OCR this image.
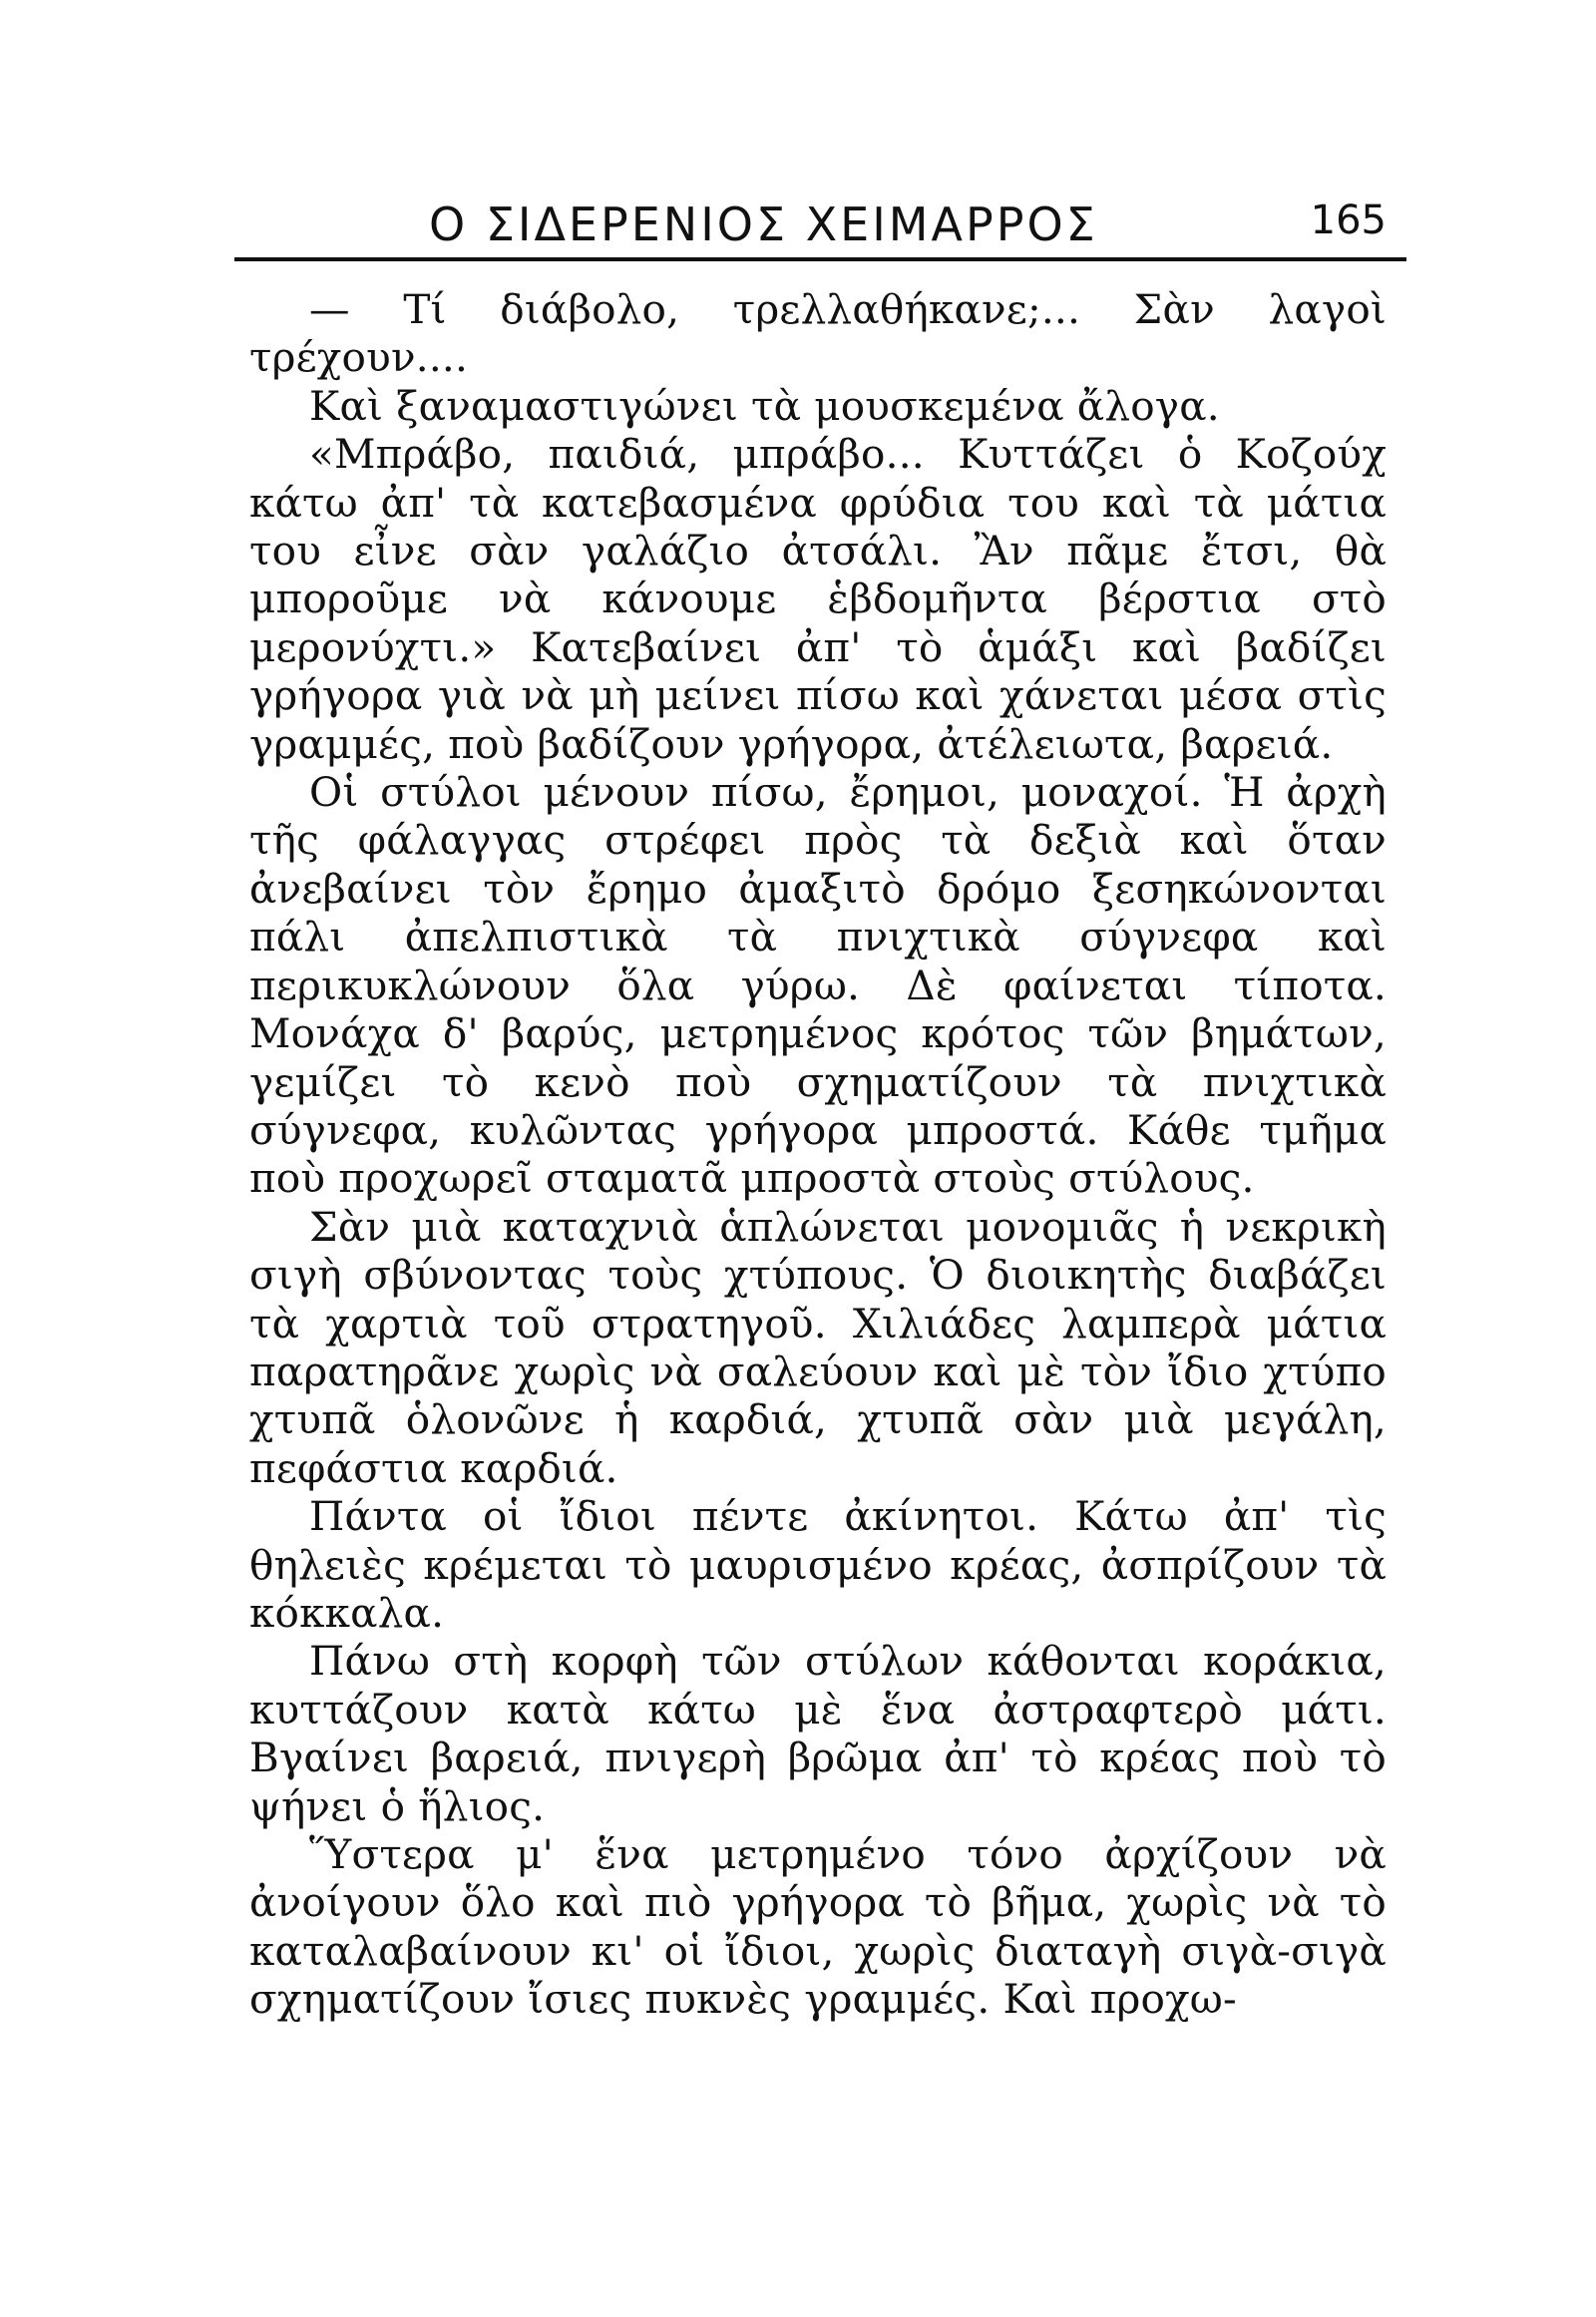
Ο ΣΙΔΕΡΕΝΙΟΣ ΧΕΙΜΑΡΡΟΣ	165

— Τί διάβολο, τρελλαθήκανε;... Σὰν λαγοὶ τρέχουν....

Καὶ ξαναμαστιγώνει τὰ μουσκεμένα ἄλογα.

«Μπράβο, παιδιά, μπράβο... Κυττάζει ὁ Κοζούχ κάτω ἀπ' τὰ κατεβασμένα φρύδια του καὶ τὰ μάτια του εἶνε σὰν γαλάζιο ἀτσάλι. Ἂν πᾶμε ἔτσι, θὰ μποροῦμε νὰ κάνουμε ἑβδομῆντα βέρστια στὸ μερονύχτι.» Κατεβαίνει ἀπ' τὸ ἁμάξι καὶ βαδίζει γρήγορα γιὰ νὰ μὴ μείνει πίσω καὶ χάνεται μέσα στὶς γραμμές, ποὺ βαδίζουν γρήγορα, ἀτέλειωτα, βαρειά.

Οἱ στύλοι μένουν πίσω, ἔρημοι, μοναχοί. Ἡ ἀρχὴ τῆς φάλαγγας στρέφει πρὸς τὰ δεξιὰ καὶ ὅταν ἀνεβαίνει τὸν ἔρημο ἀμαξιτὸ δρόμο ξεσηκώνονται πάλι ἀπελπιστικὰ τὰ πνιχτικὰ σύγνεφα καὶ περικυκλώνουν ὅλα γύρω. Δὲ φαίνεται τίποτα. Μονάχα δ' βαρύς, μετρημένος κρότος τῶν βημάτων, γεμίζει τὸ κενὸ ποὺ σχηματίζουν τὰ πνιχτικὰ σύγνεφα, κυλῶντας γρήγορα μπροστά. Κάθε τμῆμα ποὺ προχωρεῖ σταματᾶ μπροστὰ στοὺς στύλους.

Σὰν μιὰ καταχνιὰ ἁπλώνεται μονομιᾶς ἡ νεκρικὴ σιγὴ σβύνοντας τοὺς χτύπους. Ὁ διοικητὴς διαβάζει τὰ χαρτιὰ τοῦ στρατηγοῦ. Χιλιάδες λαμπερὰ μάτια παρατηρᾶνε χωρὶς νὰ σαλεύουν καὶ μὲ τὸν ἴδιο χτύπο χτυπᾶ ὁλονῶνε ἡ καρδιά, χτυπᾶ σὰν μιὰ μεγάλη, πεφάστια καρδιά.

Πάντα οἱ ἴδιοι πέντε ἀκίνητοι. Κάτω ἀπ' τὶς θηλειὲς κρέμεται τὸ μαυρισμένο κρέας, ἀσπρίζουν τὰ κόκκαλα.

Πάνω στὴ κορφὴ τῶν στύλων κάθονται κοράκια, κυττάζουν κατὰ κάτω μὲ ἕνα ἀστραφτερὸ μάτι. Βγαίνει βαρειά, πνιγερὴ βρῶμα ἀπ' τὸ κρέας ποὺ τὸ ψήνει ὁ ἥλιος.

Ὕστερα μ' ἕνα μετρημένο τόνο ἀρχίζουν νὰ ἀνοίγουν ὅλο καὶ πιὸ γρήγορα τὸ βῆμα, χωρὶς νὰ τὸ καταλαβαίνουν κι' οἱ ἴδιοι, χωρὶς διαταγὴ σιγὰ-σιγὰ σχηματίζουν ἴσιες πυκνὲς γραμμές. Καὶ προχω-
